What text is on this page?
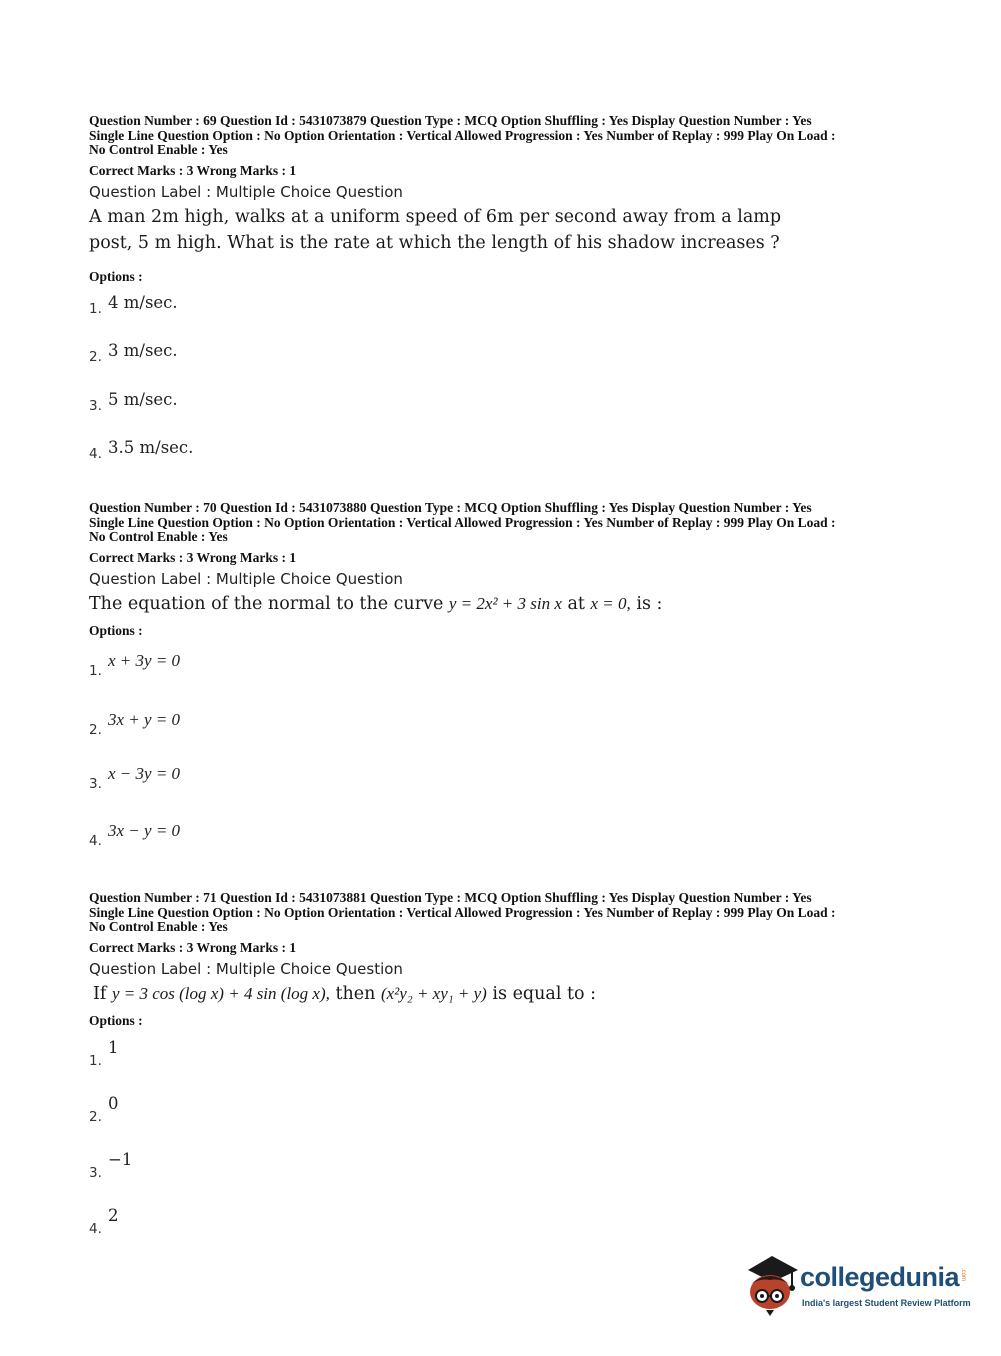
Question Number : 69 Question Id : 5431073879 Question Type : MCQ Option Shuffling : Yes Display Question Number : Yes

Single Line Question Option : No Option Orientation : Vertical Allowed Progression : Yes Number of Replay : 999 Play On Load :

No Control Enable : Yes

Correct Marks : 3 Wrong Marks : 1
Question Label : Multiple Choice Question
A man 2m high, walks at a uniform speed of 6m per second away from a lamp
post, 5 m high. What is the rate at which the length of his shadow increases ?
Options :
1. 4 m/sec.
2. 3 m/sec.
3. 5 m/sec.
4. 3.5 m/sec.

Question Number : 70 Question Id : 5431073880 Question Type : MCQ Option Shuffling : Yes Display Question Number : Yes

Single Line Question Option : No Option Orientation : Vertical Allowed Progression : Yes Number of Replay : 999 Play On Load :

No Control Enable : Yes

Correct Marks : 3 Wrong Marks : 1
Question Label : Multiple Choice Question
The equation of the normal to the curve y = 2x² + 3 sin x at x = 0, is :
Options :
1.
x + 3y = 0
2.
3x + y = 0
3.
x − 3y = 0
4.
3x − y = 0

Question Number : 71 Question Id : 5431073881 Question Type : MCQ Option Shuffling : Yes Display Question Number : Yes

Single Line Question Option : No Option Orientation : Vertical Allowed Progression : Yes Number of Replay : 999 Play On Load :

No Control Enable : Yes

Correct Marks : 3 Wrong Marks : 1
Question Label : Multiple Choice Question
If y = 3 cos (log x) + 4 sin (log x), then (x²y₂ + xy₁ + y) is equal to :
Options :
1.
1
2.
0
3.
−1
4.
2
collegedunia .com
India's largest Student Review Platform
